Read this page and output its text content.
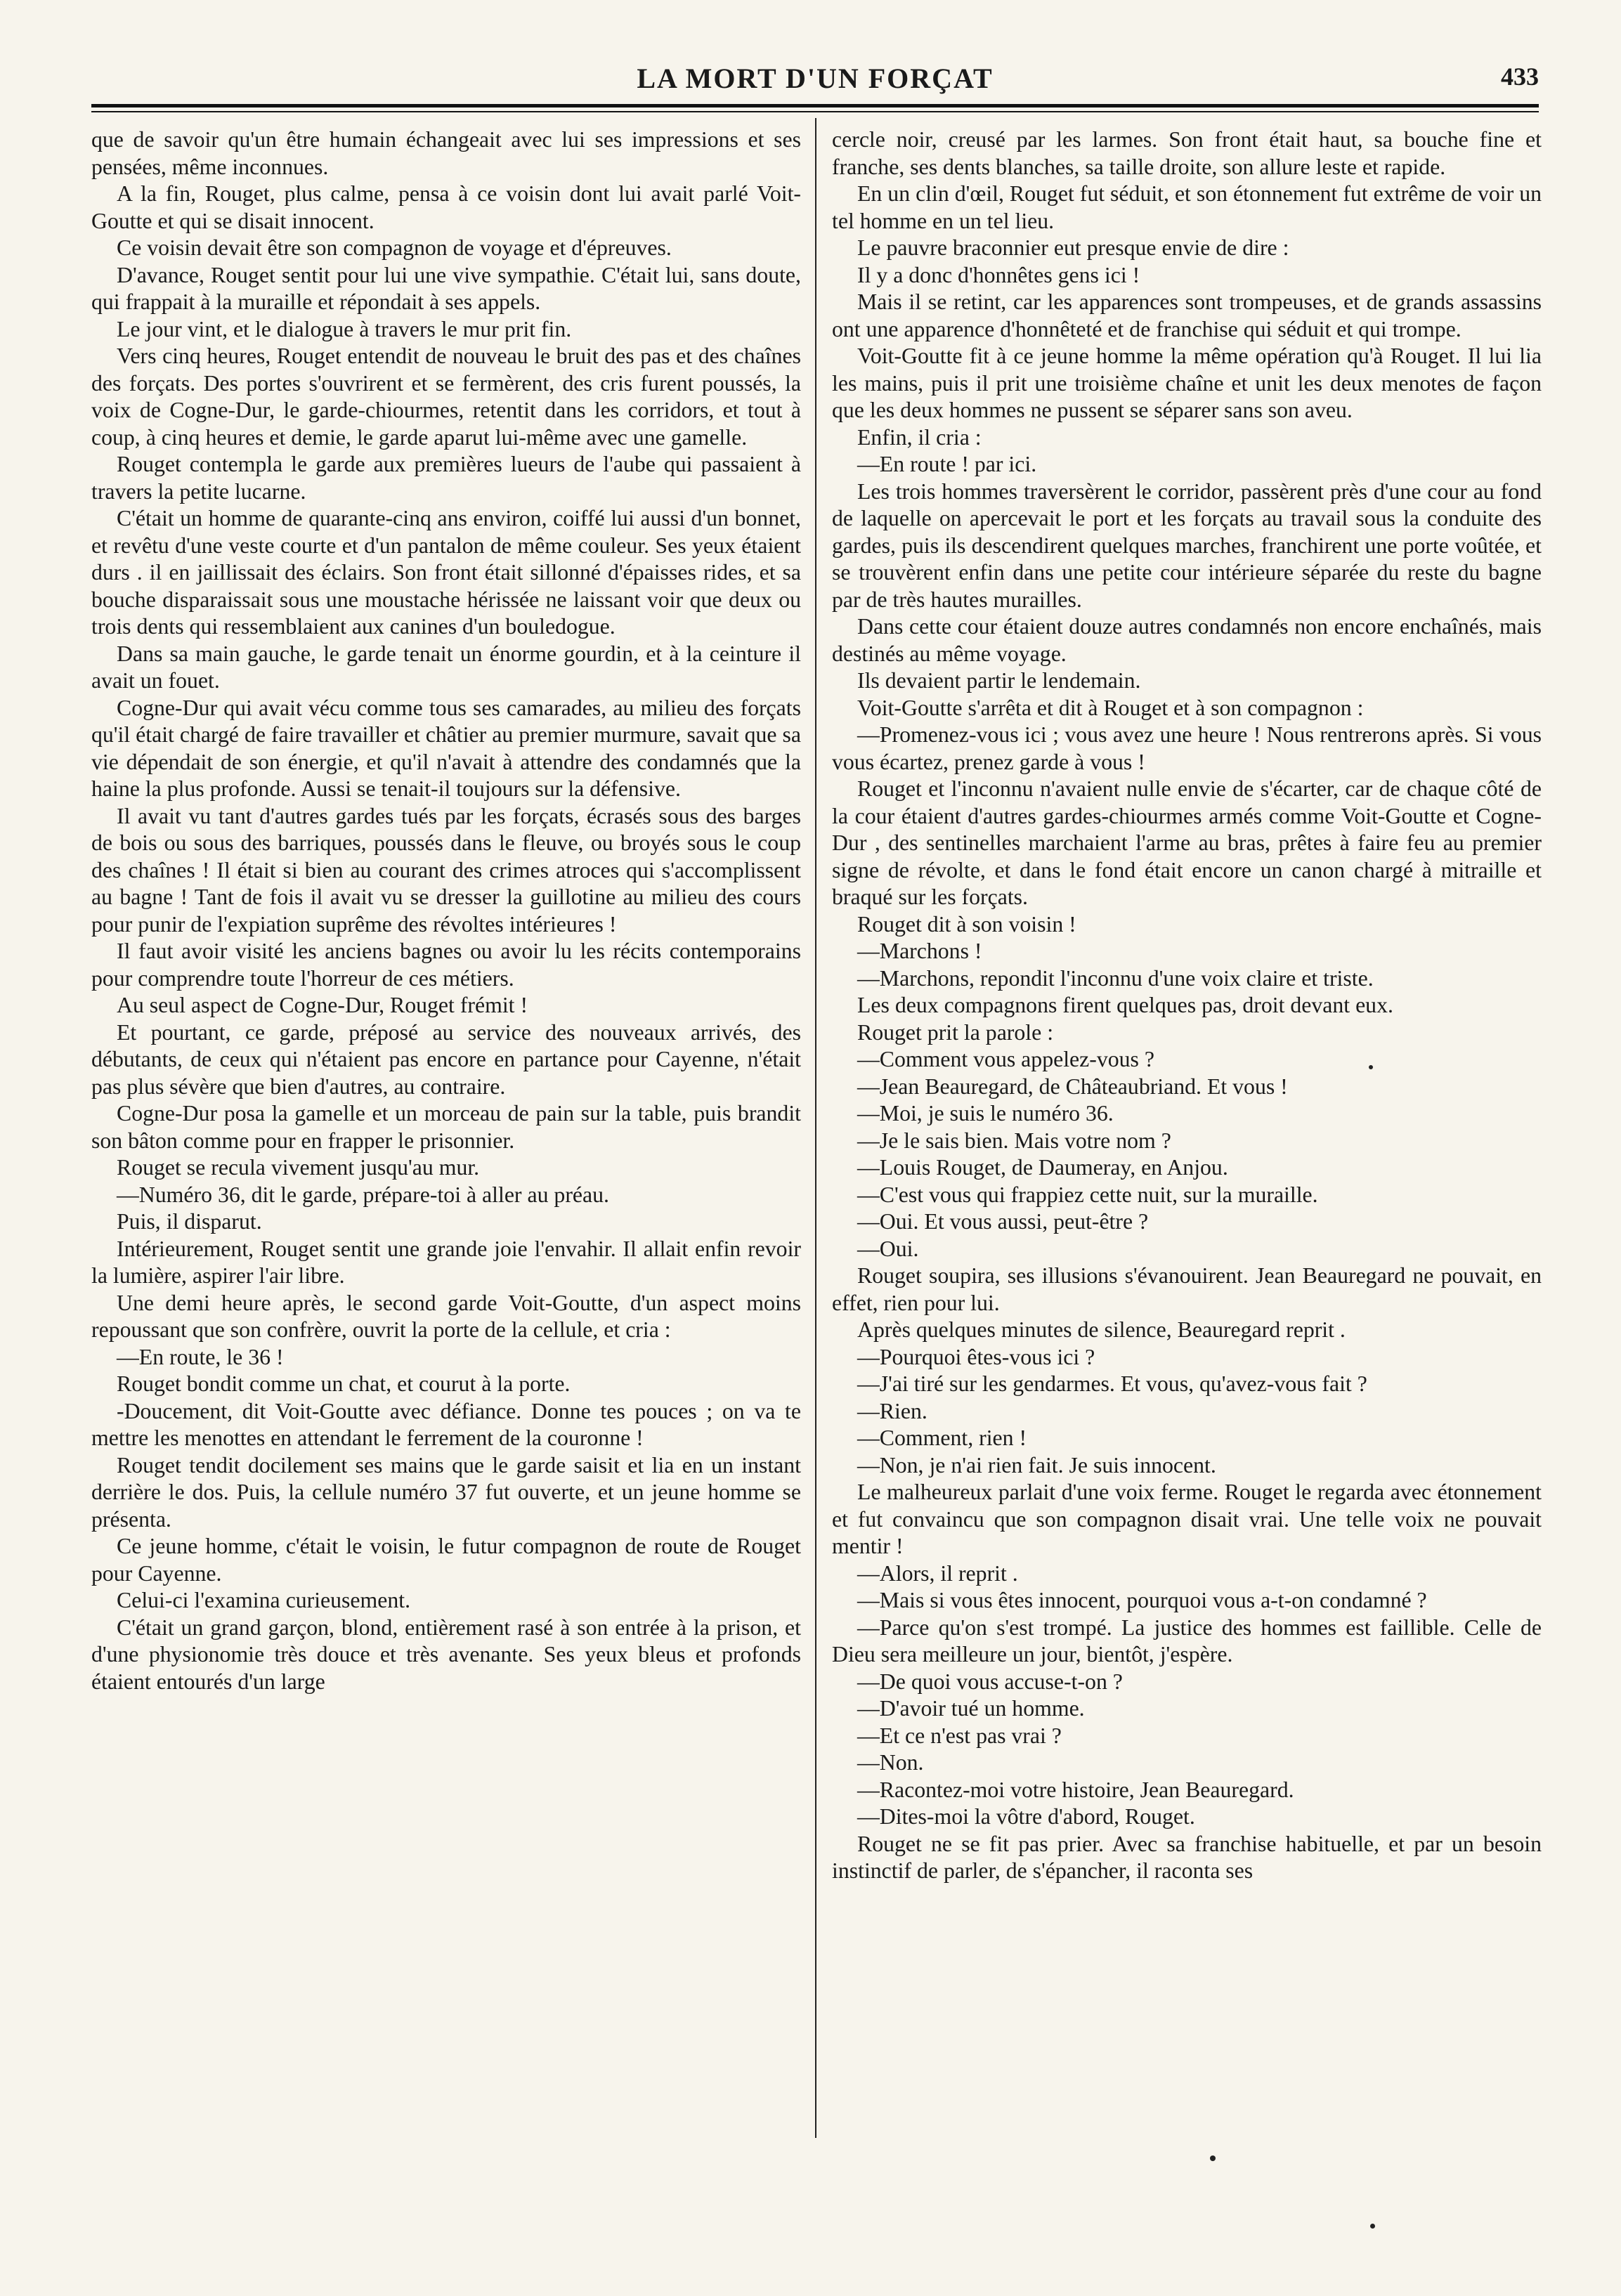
LA MORT D'UN FORÇAT	433

que de savoir qu'un être humain échangeait avec lui ses impressions et ses pensées, même inconnues.

A la fin, Rouget, plus calme, pensa à ce voisin dont lui avait parlé Voit-Goutte et qui se disait innocent.

Ce voisin devait être son compagnon de voyage et d'épreuves.

D'avance, Rouget sentit pour lui une vive sympathie. C'était lui, sans doute, qui frappait à la muraille et répondait à ses appels.

Le jour vint, et le dialogue à travers le mur prit fin.

Vers cinq heures, Rouget entendit de nouveau le bruit des pas et des chaînes des forçats. Des portes s'ouvrirent et se fermèrent, des cris furent poussés, la voix de Cogne-Dur, le garde-chiourmes, retentit dans les corridors, et tout à coup, à cinq heures et demie, le garde aparut lui-même avec une gamelle.

Rouget contempla le garde aux premières lueurs de l'aube qui passaient à travers la petite lucarne.

C'était un homme de quarante-cinq ans environ, coiffé lui aussi d'un bonnet, et revêtu d'une veste courte et d'un pantalon de même couleur. Ses yeux étaient durs . il en jaillissait des éclairs. Son front était sillonné d'épaisses rides, et sa bouche disparaissait sous une moustache hérissée ne laissant voir que deux ou trois dents qui ressemblaient aux canines d'un bouledogue.

Dans sa main gauche, le garde tenait un énorme gourdin, et à la ceinture il avait un fouet.

Cogne-Dur qui avait vécu comme tous ses camarades, au milieu des forçats qu'il était chargé de faire travailler et châtier au premier murmure, savait que sa vie dépendait de son énergie, et qu'il n'avait à attendre des condamnés que la haine la plus profonde. Aussi se tenait-il toujours sur la défensive.

Il avait vu tant d'autres gardes tués par les forçats, écrasés sous des barges de bois ou sous des barriques, poussés dans le fleuve, ou broyés sous le coup des chaînes ! Il était si bien au courant des crimes atroces qui s'accomplissent au bagne ! Tant de fois il avait vu se dresser la guillotine au milieu des cours pour punir de l'expiation suprême des révoltes intérieures !

Il faut avoir visité les anciens bagnes ou avoir lu les récits contemporains pour comprendre toute l'horreur de ces métiers.

Au seul aspect de Cogne-Dur, Rouget frémit !

Et pourtant, ce garde, préposé au service des nouveaux arrivés, des débutants, de ceux qui n'étaient pas encore en partance pour Cayenne, n'était pas plus sévère que bien d'autres, au contraire.

Cogne-Dur posa la gamelle et un morceau de pain sur la table, puis brandit son bâton comme pour en frapper le prisonnier.

Rouget se recula vivement jusqu'au mur.

—Numéro 36, dit le garde, prépare-toi à aller au préau.

Puis, il disparut.

Intérieurement, Rouget sentit une grande joie l'envahir. Il allait enfin revoir la lumière, aspirer l'air libre.

Une demi heure après, le second garde Voit-Goutte, d'un aspect moins repoussant que son confrère, ouvrit la porte de la cellule, et cria :

—En route, le 36 !

Rouget bondit comme un chat, et courut à la porte.

-Doucement, dit Voit-Goutte avec défiance. Donne tes pouces ; on va te mettre les menottes en attendant le ferrement de la couronne !

Rouget tendit docilement ses mains que le garde saisit et lia en un instant derrière le dos. Puis, la cellule numéro 37 fut ouverte, et un jeune homme se présenta.

Ce jeune homme, c'était le voisin, le futur compagnon de route de Rouget pour Cayenne.

Celui-ci l'examina curieusement.

C'était un grand garçon, blond, entièrement rasé à son entrée à la prison, et d'une physionomie très douce et très avenante. Ses yeux bleus et profonds étaient entourés d'un large

cercle noir, creusé par les larmes. Son front était haut, sa bouche fine et franche, ses dents blanches, sa taille droite, son allure leste et rapide.

En un clin d'œil, Rouget fut séduit, et son étonnement fut extrême de voir un tel homme en un tel lieu.

Le pauvre braconnier eut presque envie de dire :

Il y a donc d'honnêtes gens ici !

Mais il se retint, car les apparences sont trompeuses, et de grands assassins ont une apparence d'honnêteté et de franchise qui séduit et qui trompe.

Voit-Goutte fit à ce jeune homme la même opération qu'à Rouget. Il lui lia les mains, puis il prit une troisième chaîne et unit les deux menotes de façon que les deux hommes ne pussent se séparer sans son aveu.

Enfin, il cria :

—En route ! par ici.

Les trois hommes traversèrent le corridor, passèrent près d'une cour au fond de laquelle on apercevait le port et les forçats au travail sous la conduite des gardes, puis ils descendirent quelques marches, franchirent une porte voûtée, et se trouvèrent enfin dans une petite cour intérieure séparée du reste du bagne par de très hautes murailles.

Dans cette cour étaient douze autres condamnés non encore enchaînés, mais destinés au même voyage.

Ils devaient partir le lendemain.

Voit-Goutte s'arrêta et dit à Rouget et à son compagnon :

—Promenez-vous ici ; vous avez une heure ! Nous rentrerons après. Si vous vous écartez, prenez garde à vous !

Rouget et l'inconnu n'avaient nulle envie de s'écarter, car de chaque côté de la cour étaient d'autres gardes-chiourmes armés comme Voit-Goutte et Cogne-Dur , des sentinelles marchaient l'arme au bras, prêtes à faire feu au premier signe de révolte, et dans le fond était encore un canon chargé à mitraille et braqué sur les forçats.

Rouget dit à son voisin !

—Marchons !

—Marchons, repondit l'inconnu d'une voix claire et triste.

Les deux compagnons firent quelques pas, droit devant eux.

Rouget prit la parole :

—Comment vous appelez-vous ?

—Jean Beauregard, de Châteaubriand. Et vous !

—Moi, je suis le numéro 36.

—Je le sais bien. Mais votre nom ?

—Louis Rouget, de Daumeray, en Anjou.

—C'est vous qui frappiez cette nuit, sur la muraille.

—Oui. Et vous aussi, peut-être ?

—Oui.

Rouget soupira, ses illusions s'évanouirent. Jean Beauregard ne pouvait, en effet, rien pour lui.

Après quelques minutes de silence, Beauregard reprit .

—Pourquoi êtes-vous ici ?

—J'ai tiré sur les gendarmes. Et vous, qu'avez-vous fait ?

—Rien.

—Comment, rien !

—Non, je n'ai rien fait. Je suis innocent.

Le malheureux parlait d'une voix ferme. Rouget le regarda avec étonnement et fut convaincu que son compagnon disait vrai. Une telle voix ne pouvait mentir !

—Alors, il reprit .

—Mais si vous êtes innocent, pourquoi vous a-t-on condamné ?

—Parce qu'on s'est trompé. La justice des hommes est faillible. Celle de Dieu sera meilleure un jour, bientôt, j'espère.

—De quoi vous accuse-t-on ?

—D'avoir tué un homme.

—Et ce n'est pas vrai ?

—Non.

—Racontez-moi votre histoire, Jean Beauregard.

—Dites-moi la vôtre d'abord, Rouget.

Rouget ne se fit pas prier. Avec sa franchise habituelle, et par un besoin instinctif de parler, de s'épancher, il raconta ses
